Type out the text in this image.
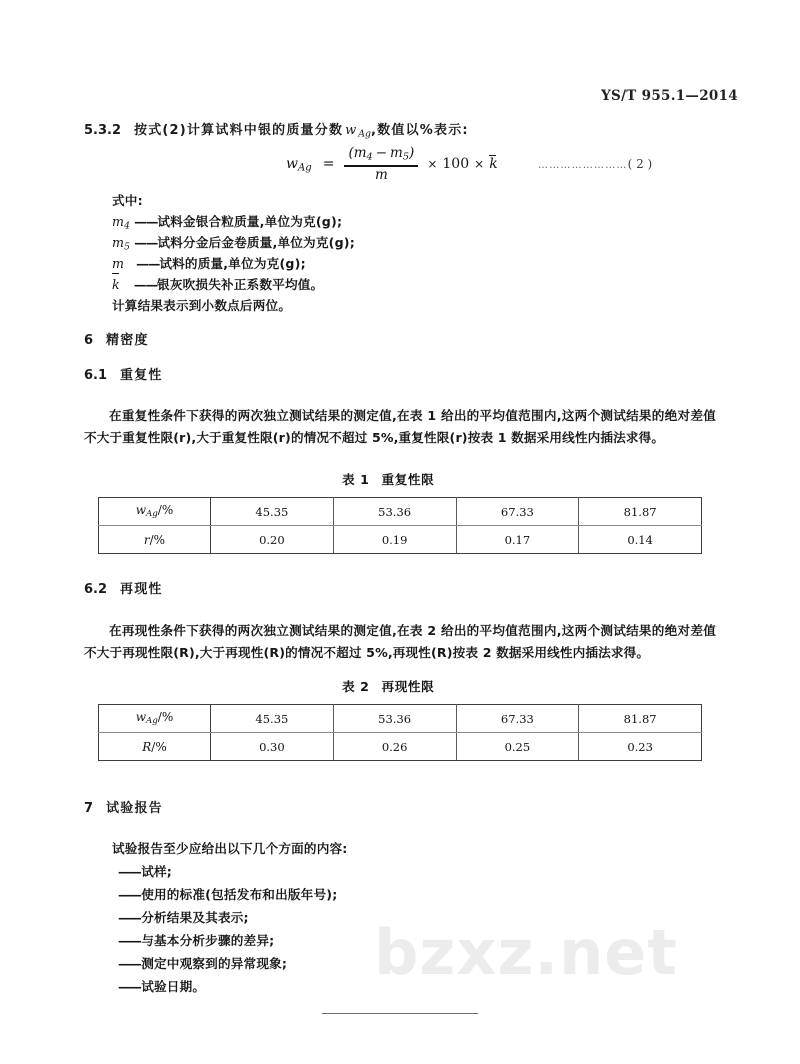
bzxz.net
YS/T 955.1—2014
5.3.2 按式(2)计算试料中银的质量分数 w $_{Ag}$,数值以%表示:
$w_{Ag} = \frac{(m_4 - m_5)}{m} \times 100 \times k$	……………………( 2 )
式中:
$m_4$ ——试料金银合粒质量,单位为克(g);
$m_5$ ——试料分金后金卷质量,单位为克(g);
m ——试料的质量,单位为克(g);
k ——银灰吹损失补正系数平均值。
计算结果表示到小数点后两位。
6 精密度
6.1 重复性
在重复性条件下获得的两次独立测试结果的测定值,在表 1 给出的平均值范围内,这两个测试结果的绝对差值不大于重复性限(r),大于重复性限(r)的情况不超过 5%,重复性限(r)按表 1 数据采用线性内插法求得。
表 1 重复性限
$w_{Ag}/\%$	45.35	53.36	67.33	81.87
r/%	0.20	0.19	0.17	0.14
6.2 再现性
在再现性条件下获得的两次独立测试结果的测定值,在表 2 给出的平均值范围内,这两个测试结果的绝对差值不大于再现性限(R),大于再现性(R)的情况不超过 5%,再现性(R)按表 2 数据采用线性内插法求得。
表 2 再现性限
$w_{Ag}/\%$	45.35	53.36	67.33	81.87
R/%	0.30	0.26	0.25	0.23
7 试验报告
试验报告至少应给出以下几个方面的内容:
——试样;
——使用的标准(包括发布和出版年号);
——分析结果及其表示;
——与基本分析步骤的差异;
——测定中观察到的异常现象;
——试验日期。
